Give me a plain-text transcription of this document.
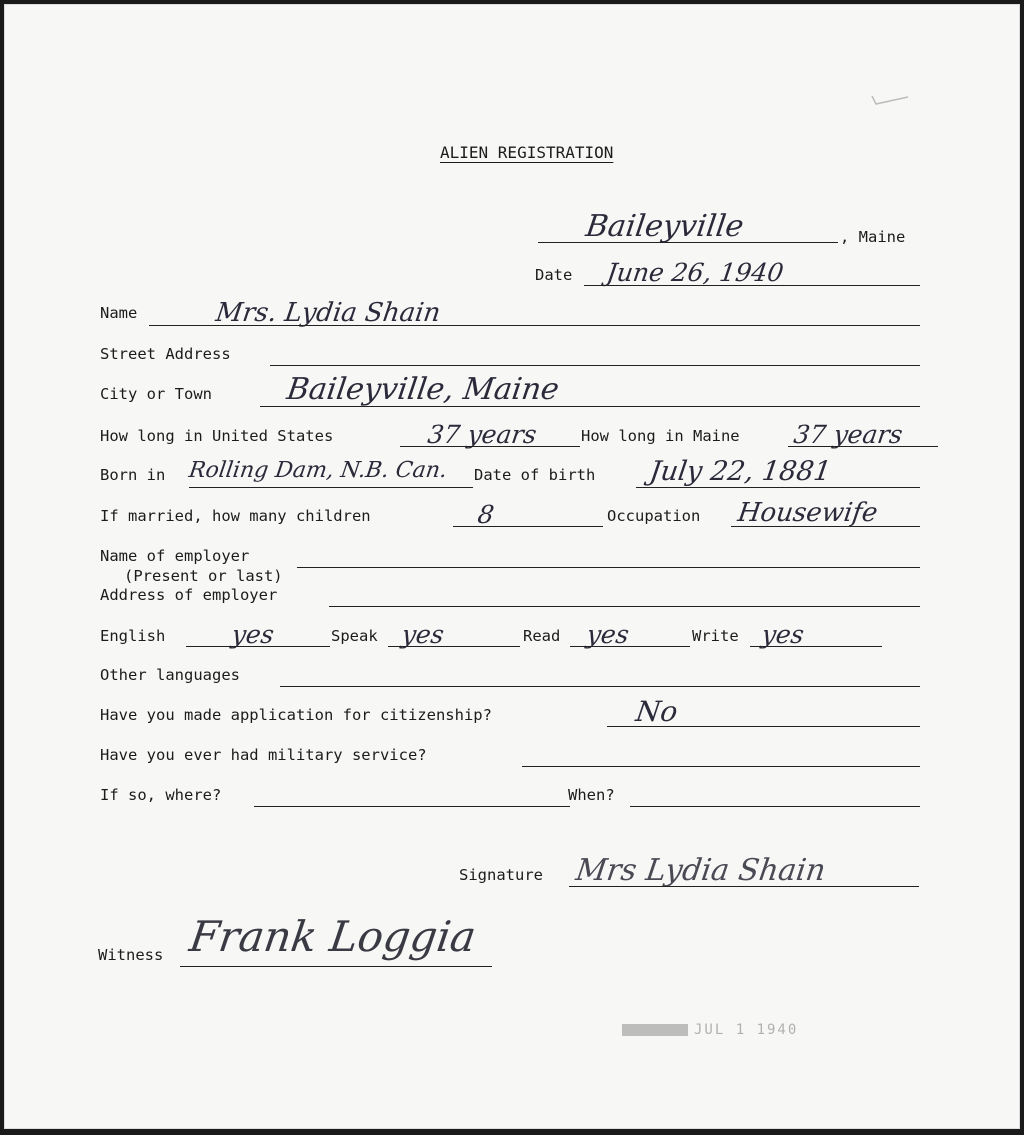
ALIEN REGISTRATION
Baileyville	, Maine
Date June 26, 1940
Name	Mrs. Lydia Shain
Street Address
City or Town Baileyville, Maine
How long in United States	37 years	How long in Maine 37 years
Born in Rolling Dam, N.B. Can. Date of birth July 22, 1881
If married, how many children	8	Occupation Housewife
Name of employer
(Present or last)
Address of employer
English	yes	Speak yes	Read yes	Write yes
Other languages
Have you made application for citizenship?	No
Have you ever had military service?
If so, where?	When?
Signature Mrs Lydia Shain
Witness Frank Loggia
JUL 1 1940
